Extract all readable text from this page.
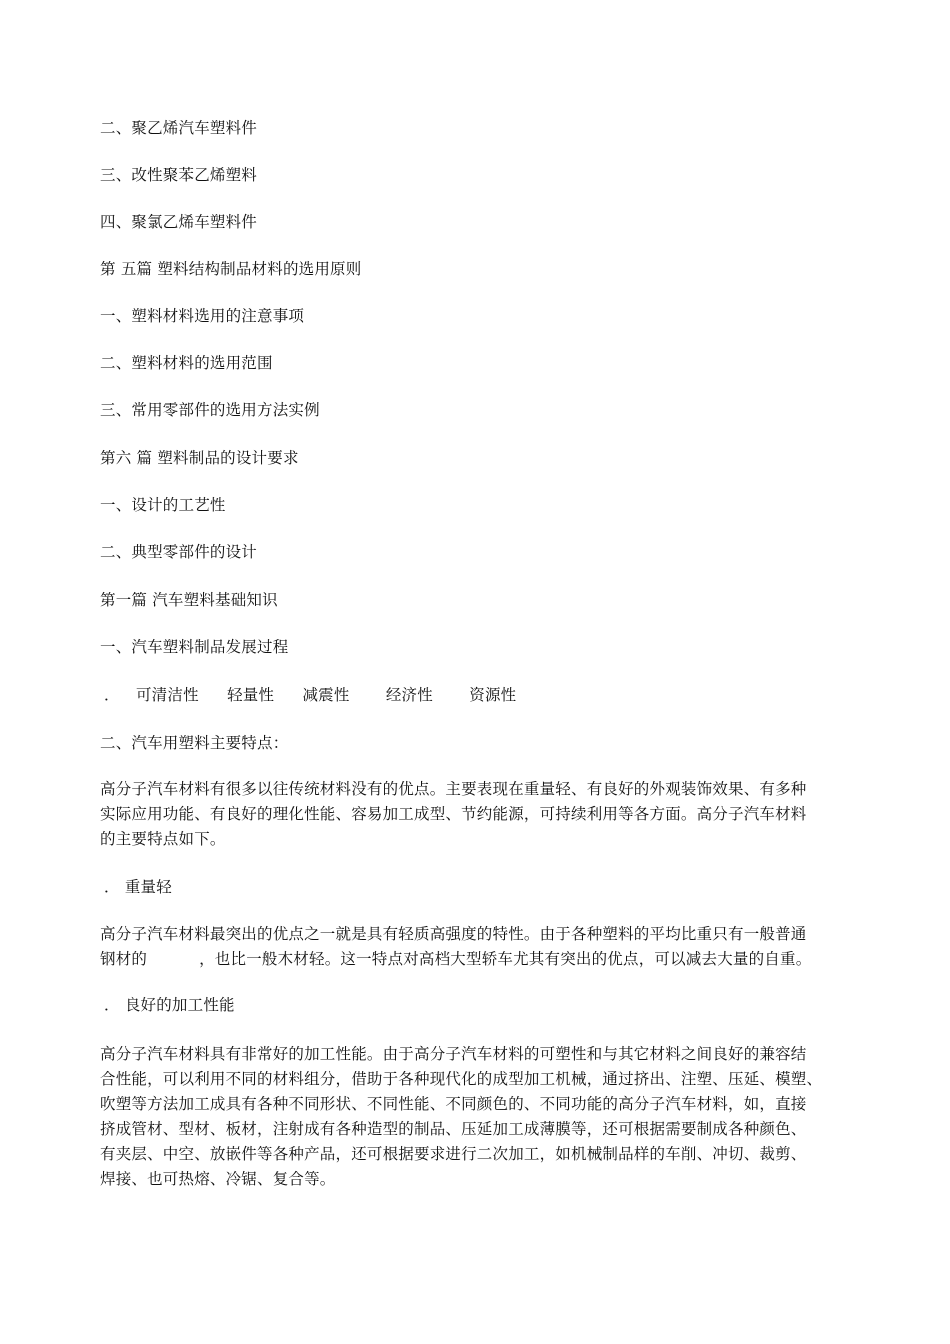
二、聚乙烯汽车塑料件
三、改性聚苯乙烯塑料
四、聚氯乙烯车塑料件
第 五篇 塑料结构制品材料的选用原则
一、塑料材料选用的注意事项
二、塑料材料的选用范围
三、常用零部件的选用方法实例
第六 篇 塑料制品的设计要求
一、设计的工艺性
二、典型零部件的设计
第一篇 汽车塑料基础知识
一、汽车塑料制品发展过程
． 可清洁性 轻量性 减震性 经济性 资源性
二、汽车用塑料主要特点：
高分子汽车材料有很多以往传统材料没有的优点。主要表现在重量轻、有良好的外观装饰效果、有多种
实际应用功能、有良好的理化性能、容易加工成型、节约能源，可持续利用等各方面。高分子汽车材料
的主要特点如下。
． 重量轻
高分子汽车材料最突出的优点之一就是具有轻质高强度的特性。由于各种塑料的平均比重只有一般普通
钢材的	，也比一般木材轻。这一特点对高档大型轿车尤其有突出的优点，可以减去大量的自重。
． 良好的加工性能
高分子汽车材料具有非常好的加工性能。由于高分子汽车材料的可塑性和与其它材料之间良好的兼容结
合性能，可以利用不同的材料组分，借助于各种现代化的成型加工机械，通过挤出、注塑、压延、模塑、
吹塑等方法加工成具有各种不同形状、不同性能、不同颜色的、不同功能的高分子汽车材料，如，直接
挤成管材、型材、板材，注射成有各种造型的制品、压延加工成薄膜等，还可根据需要制成各种颜色、
有夹层、中空、放嵌件等各种产品，还可根据要求进行二次加工，如机械制品样的车削、冲切、裁剪、
焊接、也可热熔、冷锯、复合等。
